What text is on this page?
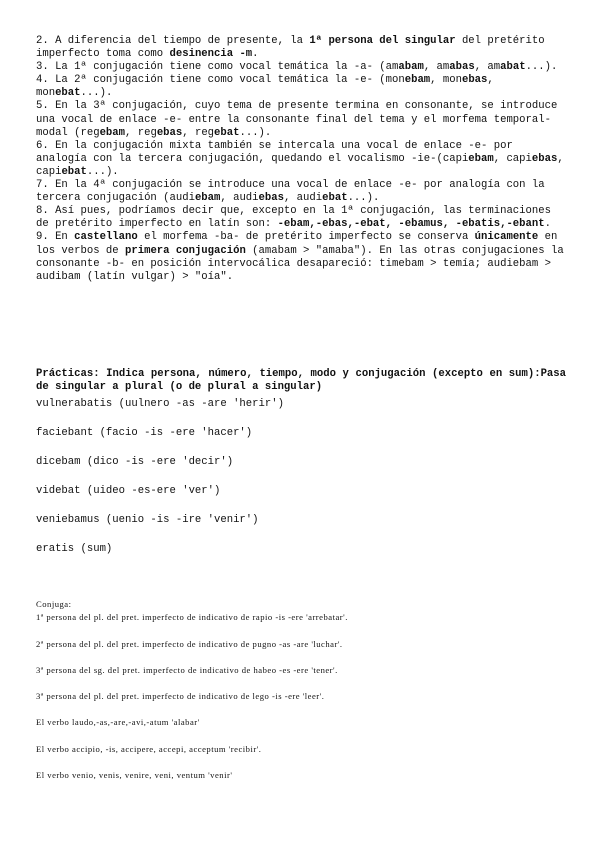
2. A diferencia del tiempo de presente, la 1ª persona del singular del pretérito imperfecto toma como desinencia -m.

3. La 1ª conjugación tiene como vocal temática la -a- (amabam, amabas, amabat...).

4. La 2ª conjugación tiene como vocal temática la -e- (monebam, monebas, monebat...).

5. En la 3ª conjugación, cuyo tema de presente termina en consonante, se introduce una vocal de enlace -e- entre la consonante final del tema y el morfema temporal-modal (regebam, regebas, regebat...).

6. En la conjugación mixta también se intercala una vocal de enlace -e- por analogía con la tercera conjugación, quedando el vocalismo -ie-(capiebam, capiebas, capiebat...).

7. En la 4ª conjugación se introduce una vocal de enlace -e- por analogía con la tercera conjugación (audiebam, audiebas, audiebat...).

8. Así pues, podríamos decir que, excepto en la 1ª conjugación, las terminaciones de pretérito imperfecto en latín son: -ebam,-ebas,-ebat, -ebamus, -ebatis,-ebant.

9. En castellano el morfema -ba- de pretérito imperfecto se conserva únicamente en los verbos de primera conjugación (amabam > "amaba"). En las otras conjugaciones la consonante -b- en posición intervocálica desapareció: timebam > temía; audiebam > audibam (latín vulgar) > "oía".

Prácticas: Indica persona, número, tiempo, modo y conjugación (excepto en sum):Pasa de singular a plural (o de plural a singular)
vulnerabatis (uulnero -as -are 'herir')
faciebant (facio -is -ere 'hacer')
dicebam (dico -is -ere 'decir')
videbat (uideo -es-ere 'ver')
veniebamus (uenio -is -ire 'venir')
eratis (sum)
Conjuga:
1ª persona del pl. del pret. imperfecto de indicativo de rapio -is -ere 'arrebatar'.
2ª persona del pl. del pret. imperfecto de indicativo de pugno -as -are 'luchar'.
3ª persona del sg. del pret. imperfecto de indicativo de habeo -es -ere 'tener'.
3ª persona del pl. del pret. imperfecto de indicativo de lego -is -ere 'leer'.
El verbo laudo,-as,-are,-avi,-atum 'alabar'
El verbo accipio, -is, accipere, accepi, acceptum 'recibir'.
El verbo venio, venis, venire, veni, ventum 'venir'
